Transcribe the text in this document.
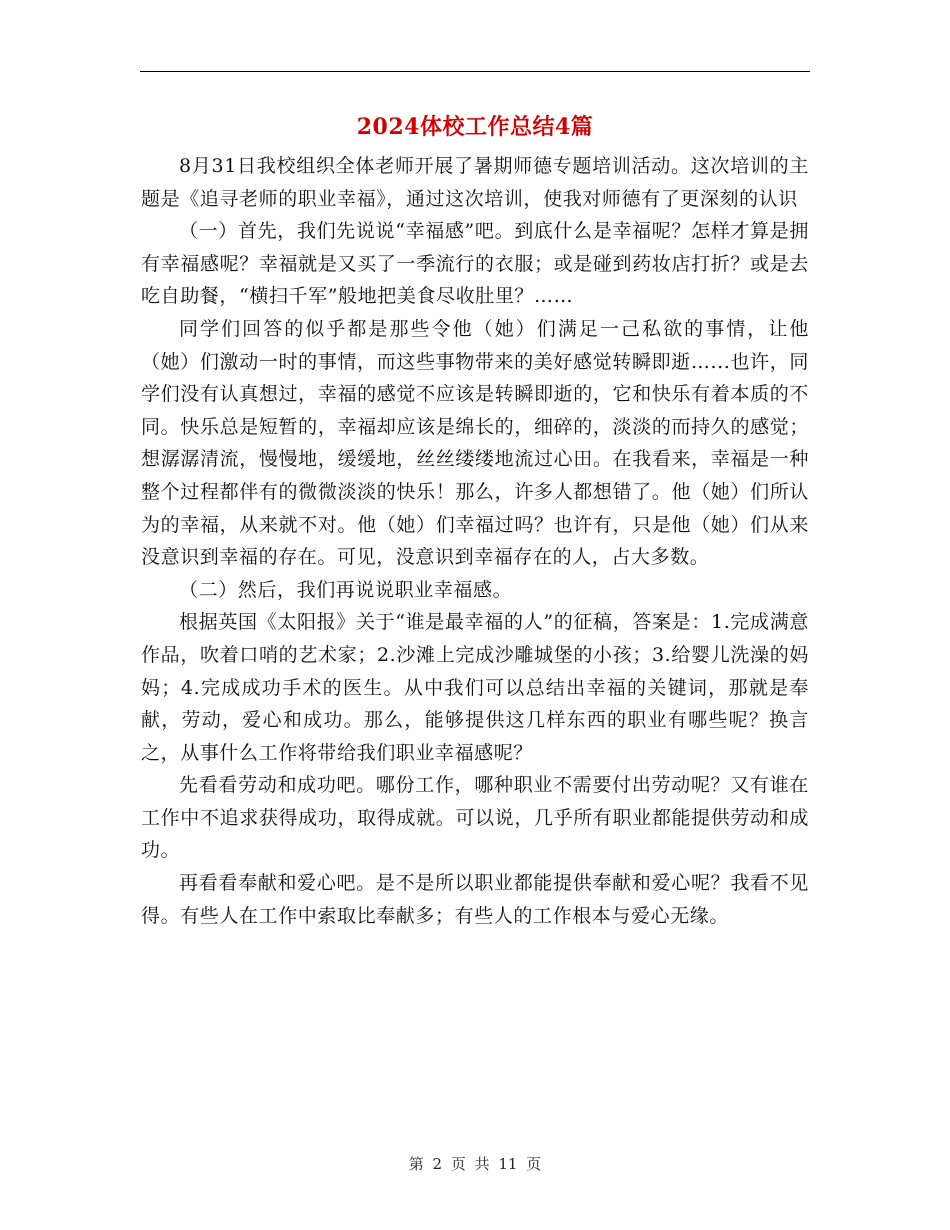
2024体校工作总结4篇

8月31日我校组织全体老师开展了暑期师德专题培训活动。这次培训的主题是《追寻老师的职业幸福》，通过这次培训，使我对师德有了更深刻的认识

（一）首先，我们先说说“幸福感”吧。到底什么是幸福呢？怎样才算是拥有幸福感呢？幸福就是又买了一季流行的衣服；或是碰到药妆店打折？或是去吃自助餐，“横扫千军”般地把美食尽收肚里？……

同学们回答的似乎都是那些令他（她）们满足一己私欲的事情，让他（她）们激动一时的事情，而这些事物带来的美好感觉转瞬即逝…...也许，同学们没有认真想过，幸福的感觉不应该是转瞬即逝的，它和快乐有着本质的不同。快乐总是短暂的，幸福却应该是绵长的，细碎的，淡淡的而持久的感觉；想潺潺清流，慢慢地，缓缓地，丝丝缕缕地流过心田。在我看来，幸福是一种整个过程都伴有的微微淡淡的快乐！那么，许多人都想错了。他（她）们所认为的幸福，从来就不对。他（她）们幸福过吗？也许有，只是他（她）们从来没意识到幸福的存在。可见，没意识到幸福存在的人，占大多数。

（二）然后，我们再说说职业幸福感。

根据英国《太阳报》关于“谁是最幸福的人”的征稿，答案是：1.完成满意作品，吹着口哨的艺术家；2.沙滩上完成沙雕城堡的小孩；3.给婴儿洗澡的妈妈；4.完成成功手术的医生。从中我们可以总结出幸福的关键词，那就是奉献，劳动，爱心和成功。那么，能够提供这几样东西的职业有哪些呢？换言之，从事什么工作将带给我们职业幸福感呢？

先看看劳动和成功吧。哪份工作，哪种职业不需要付出劳动呢？又有谁在工作中不追求获得成功，取得成就。可以说，几乎所有职业都能提供劳动和成功。

再看看奉献和爱心吧。是不是所以职业都能提供奉献和爱心呢？我看不见得。有些人在工作中索取比奉献多；有些人的工作根本与爱心无缘。

第 2 页 共 11 页
